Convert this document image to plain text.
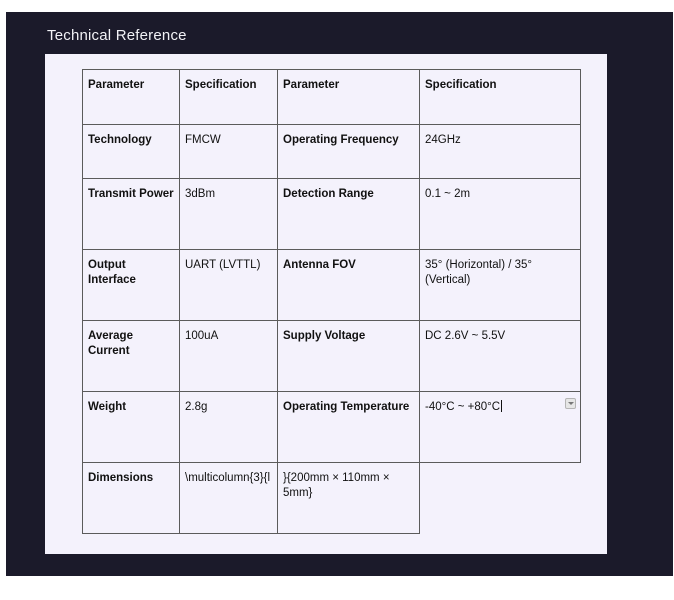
Technical Reference
Parameter	Specification	Parameter	Specification
Technology	FMCW	Operating Frequency	24GHz
Transmit Power	3dBm	Detection Range	0.1 ~ 2m
Output Interface	UART (LVTTL)	Antenna FOV	35° (Horizontal) / 35° (Vertical)
Average Current	100uA	Supply Voltage	DC 2.6V ~ 5.5V
Weight	2.8g	Operating Temperature	-40°C ~ +80°C

Dimensions	\multicolumn{3}{l	}{200mm × 110mm × 5mm}	
